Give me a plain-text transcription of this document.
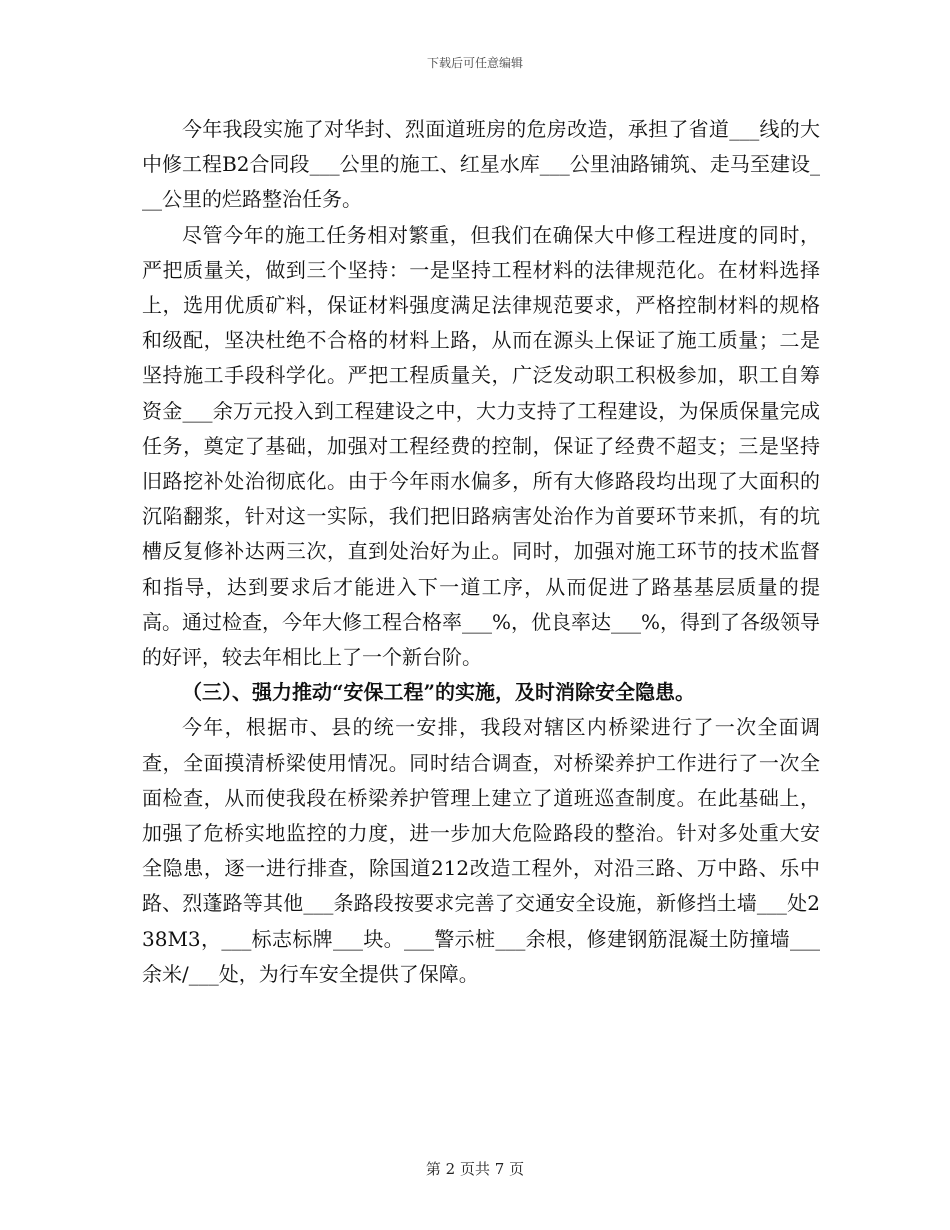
下载后可任意编辑

今年我段实施了对华封、烈面道班房的危房改造，承担了省道___线的大中修工程B2合同段___公里的施工、红星水库___公里油路铺筑、走马至建设___公里的烂路整治任务。

尽管今年的施工任务相对繁重，但我们在确保大中修工程进度的同时，严把质量关，做到三个坚持：一是坚持工程材料的法律规范化。在材料选择上，选用优质矿料，保证材料强度满足法律规范要求，严格控制材料的规格和级配，坚决杜绝不合格的材料上路，从而在源头上保证了施工质量；二是坚持施工手段科学化。严把工程质量关，广泛发动职工积极参加，职工自筹资金___余万元投入到工程建设之中，大力支持了工程建设，为保质保量完成任务，奠定了基础，加强对工程经费的控制，保证了经费不超支；三是坚持旧路挖补处治彻底化。由于今年雨水偏多，所有大修路段均出现了大面积的沉陷翻浆，针对这一实际，我们把旧路病害处治作为首要环节来抓，有的坑槽反复修补达两三次，直到处治好为止。同时，加强对施工环节的技术监督和指导，达到要求后才能进入下一道工序，从而促进了路基基层质量的提高。通过检查，今年大修工程合格率___%，优良率达___%，得到了各级领导的好评，较去年相比上了一个新台阶。

（三）、强力推动“安保工程”的实施，及时消除安全隐患。

今年，根据市、县的统一安排，我段对辖区内桥梁进行了一次全面调查，全面摸清桥梁使用情况。同时结合调查，对桥梁养护工作进行了一次全面检查，从而使我段在桥梁养护管理上建立了道班巡查制度。在此基础上，加强了危桥实地监控的力度，进一步加大危险路段的整治。针对多处重大安全隐患，逐一进行排查，除国道212改造工程外，对沿三路、万中路、乐中路、烈蓬路等其他___条路段按要求完善了交通安全设施，新修挡土墙___处238M3，___标志标牌___块。___警示桩___余根，修建钢筋混凝土防撞墙___余米/___处，为行车安全提供了保障。

第 2 页共 7 页
